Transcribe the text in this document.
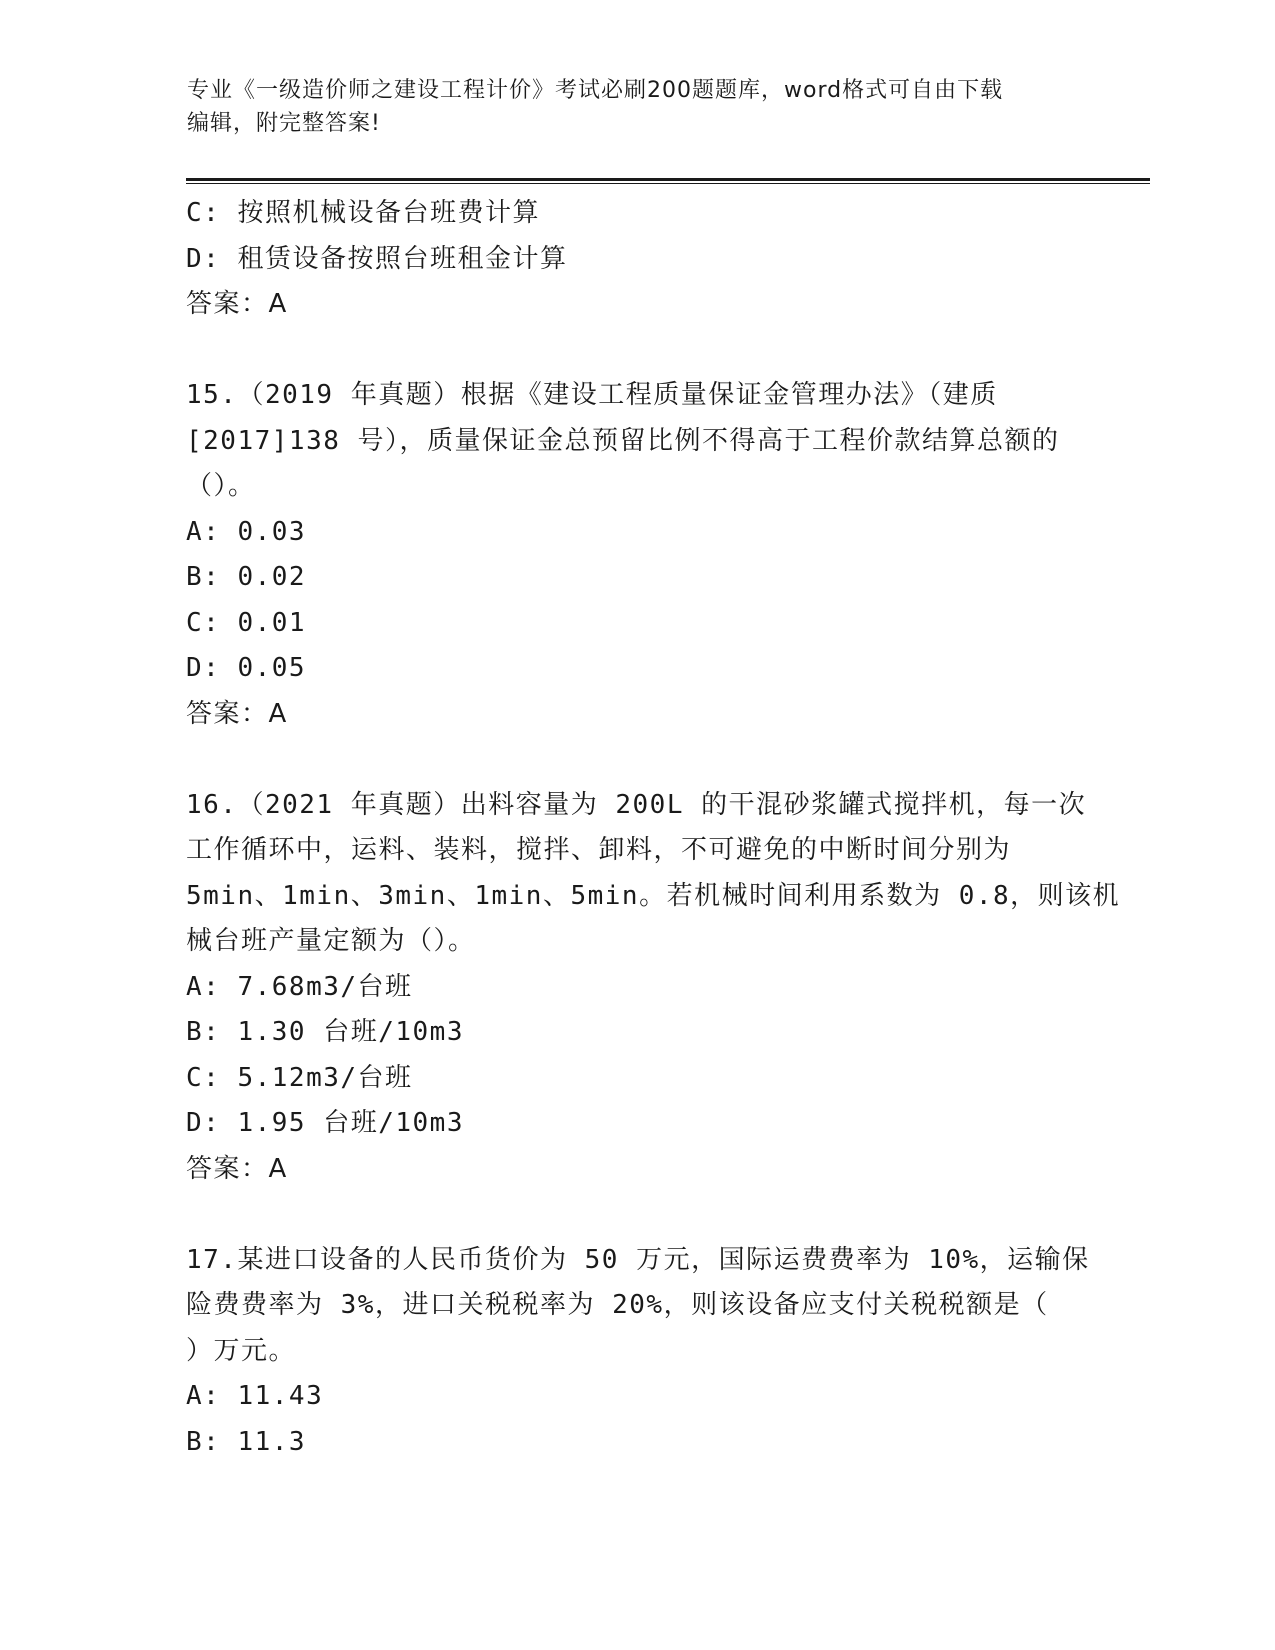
专业《一级造价师之建设工程计价》考试必刷200题题库，word格式可自由下载
编辑，附完整答案!
C: 按照机械设备台班费计算
D: 租赁设备按照台班租金计算
答案：A
15.（2019 年真题）根据《建设工程质量保证金管理办法》（建质
[2017]138 号），质量保证金总预留比例不得高于工程价款结算总额的
（）。
A: 0.03
B: 0.02
C: 0.01
D: 0.05
答案：A
16.（2021 年真题）出料容量为 200L 的干混砂浆罐式搅拌机，每一次
工作循环中，运料、装料，搅拌、卸料，不可避免的中断时间分别为
5min、1min、3min、1min、5min。若机械时间利用系数为 0.8，则该机
械台班产量定额为（）。
A: 7.68m3/台班
B: 1.30 台班/10m3
C: 5.12m3/台班
D: 1.95 台班/10m3
答案：A
17.某进口设备的人民币货价为 50 万元，国际运费费率为 10%，运输保
险费费率为 3%，进口关税税率为 20%，则该设备应支付关税税额是（
）万元。
A: 11.43
B: 11.3
